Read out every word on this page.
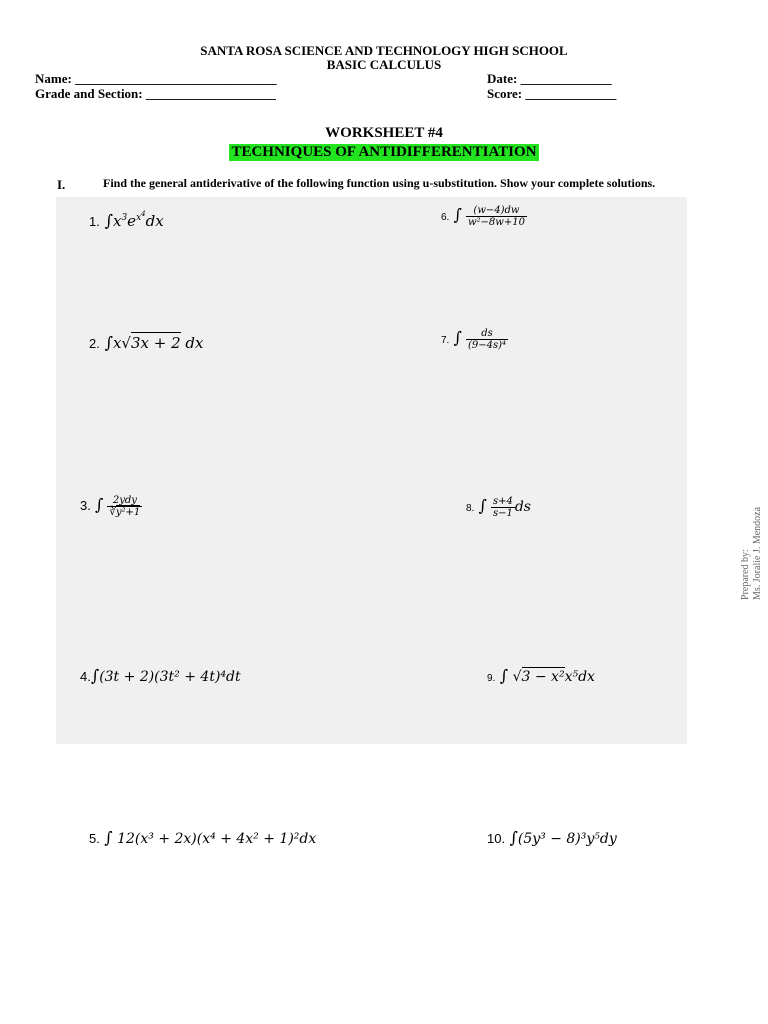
SANTA ROSA SCIENCE AND TECHNOLOGY HIGH SCHOOL
BASIC CALCULUS
Name: _______________________________	Date: ______________
Grade and Section: ____________________	Score: ______________
WORKSHEET #4
TECHNIQUES OF ANTIDIFFERENTIATION
I.	Find the general antiderivative of the following function using u-substitution. Show your complete solutions.
1. $\int x^3e^{x^4}dx$	6. ∫ $\frac{(w-4)dw}{\text{w²−8w+10}}$
2. ∫x√3x + 2 dx	7. ∫ $\frac{ds}{\text{(9−4s)⁴}}$
3. ∫ $\frac{\text{2ydy}}{\text{∛y²+1}}$	8. ∫ $\frac{s+4}{s-1}$ ds
4.∫(3t + 2)(3t² + 4t)⁴dt	9. ∫ √3 − x²x⁵dx
5. ∫ 12(x³ + 2x)(x⁴ + 4x² + 1)²dx	10. ∫(5y³ − 8)³y⁵dy
Prepared by: Ms. Joralie J. Mendoza
